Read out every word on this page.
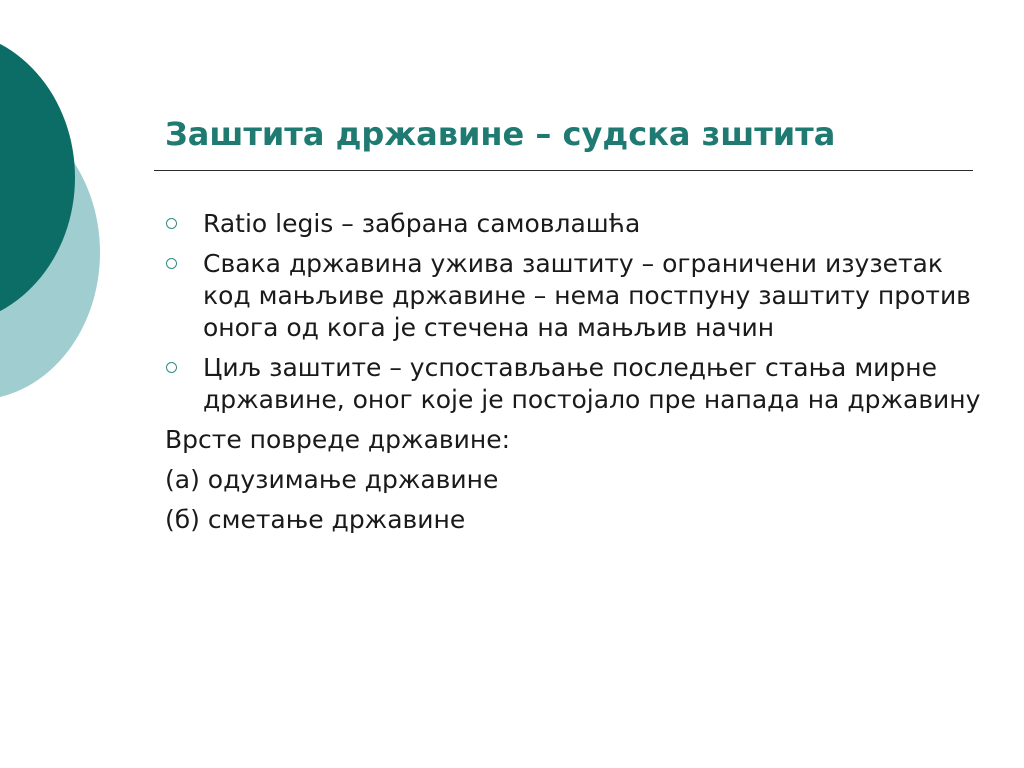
Заштита државине – судска зштита
Ratio legis – забрана самовлашћа
Свака државина ужива заштиту – ограничени изузетак код мањљиве државине – нема постпуну заштиту против онога од кога је стечена на мањљив начин
Циљ заштите – успостављање последњег стања мирне државине, оног које је постојало пре напада на државину
Врсте повреде државине:
(а) одузимање државине
(б) сметање државине
